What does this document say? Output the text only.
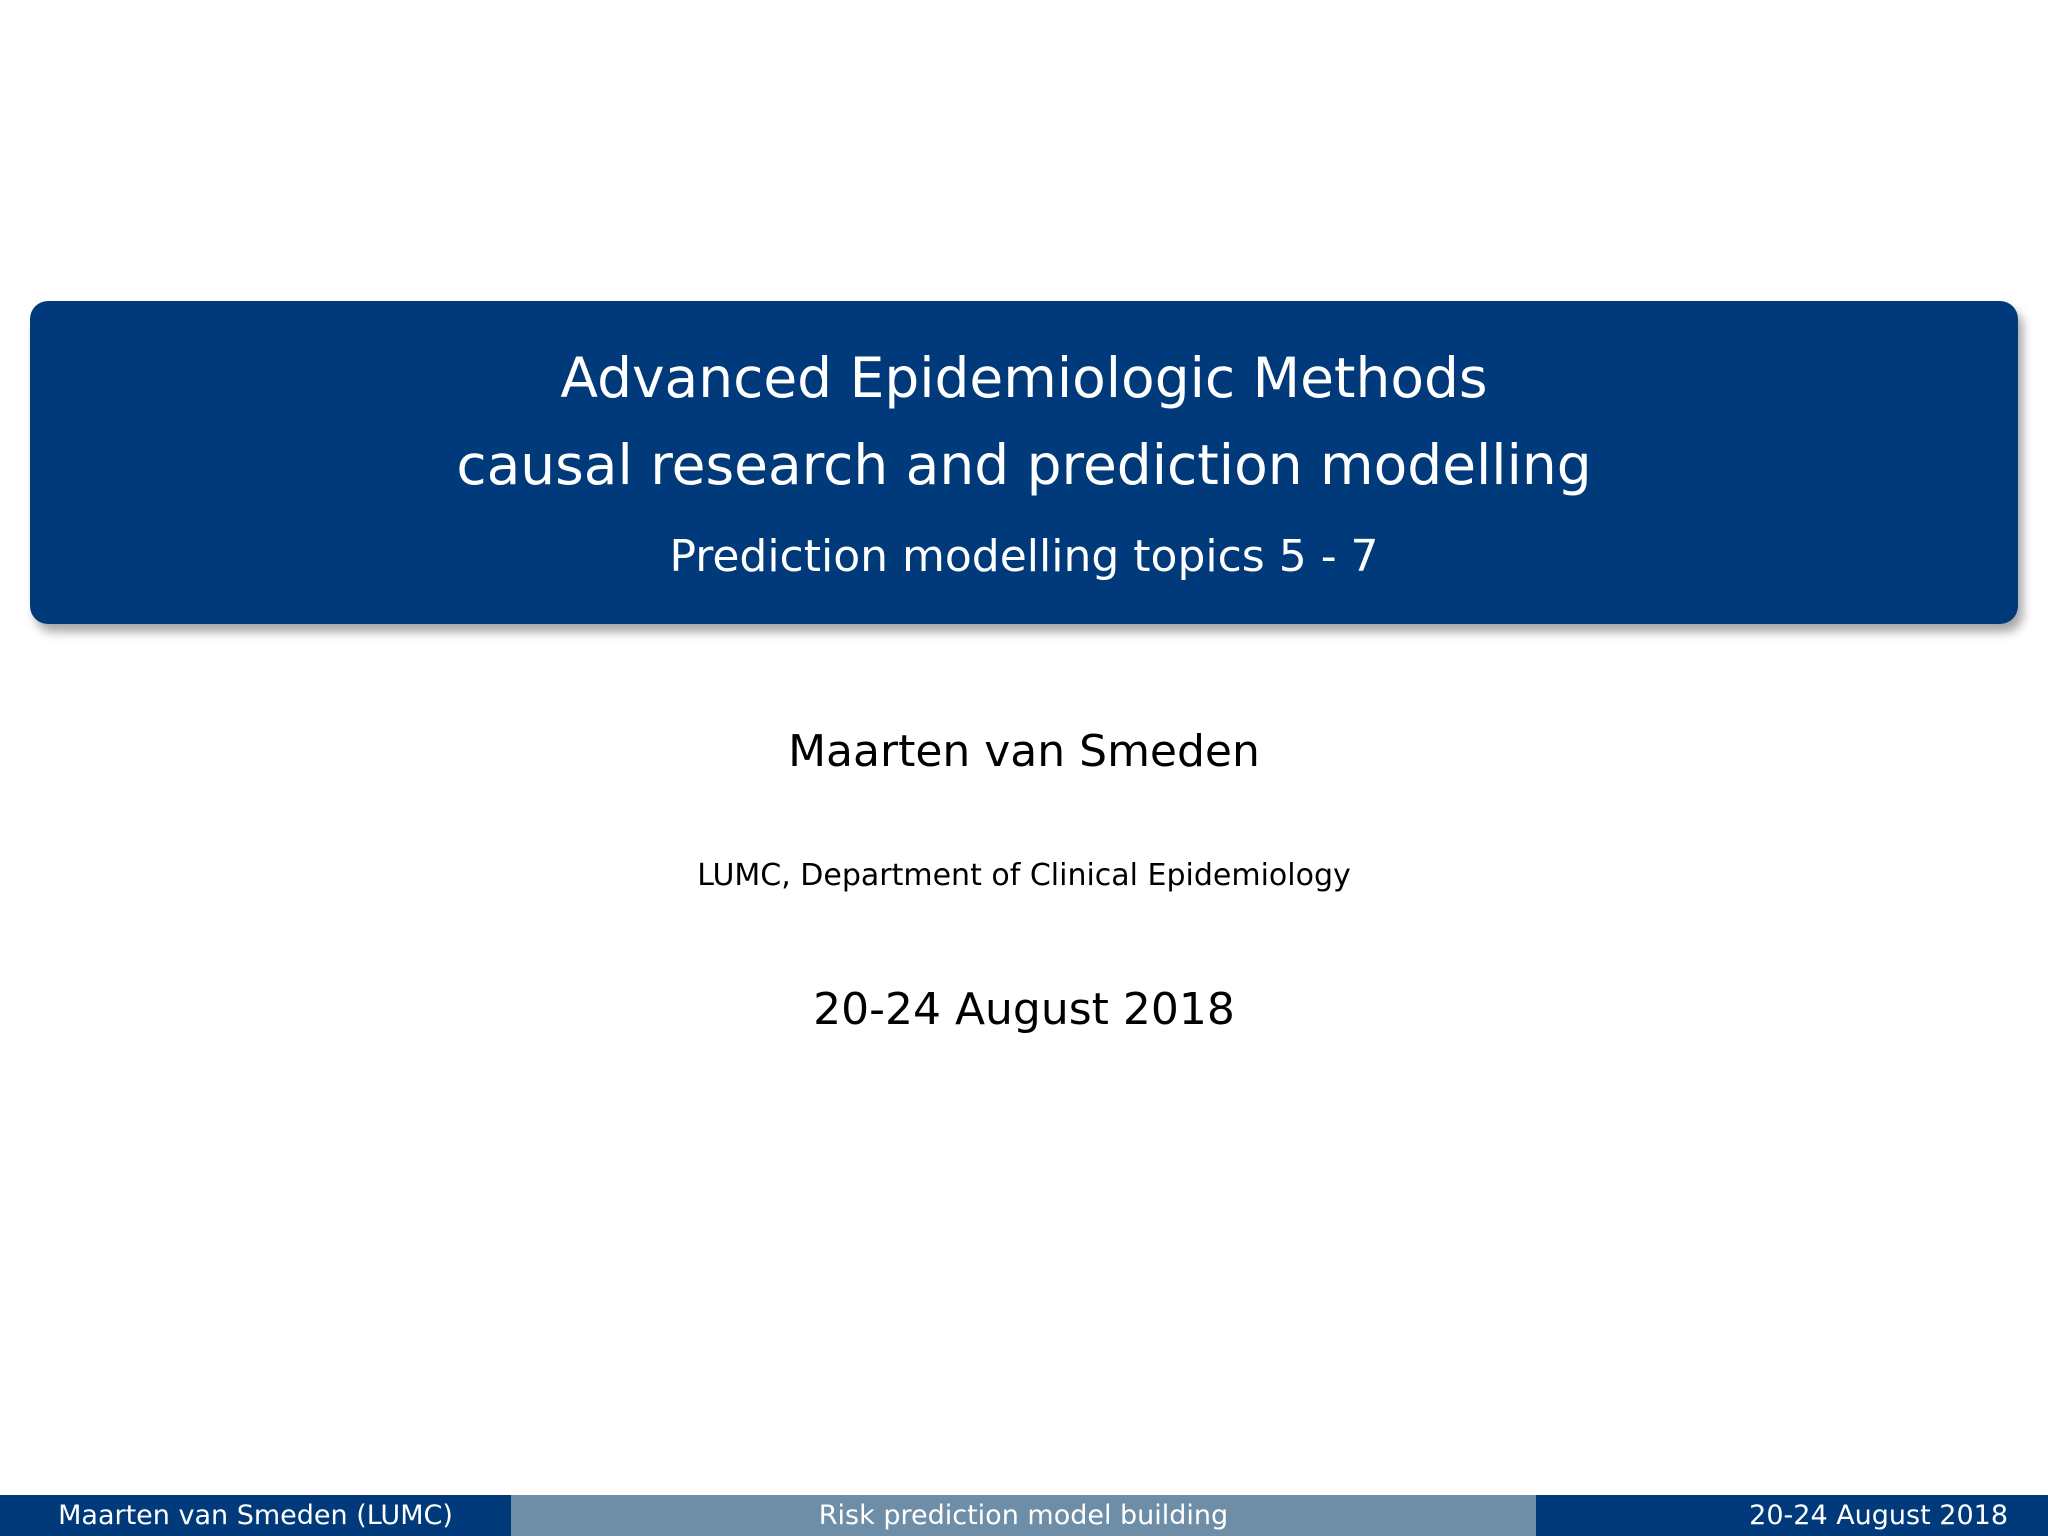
Advanced Epidemiologic Methods
causal research and prediction modelling
Prediction modelling topics 5 - 7
Maarten van Smeden
LUMC, Department of Clinical Epidemiology
20-24 August 2018
Maarten van Smeden (LUMC)	Risk prediction model building	20-24 August 2018
